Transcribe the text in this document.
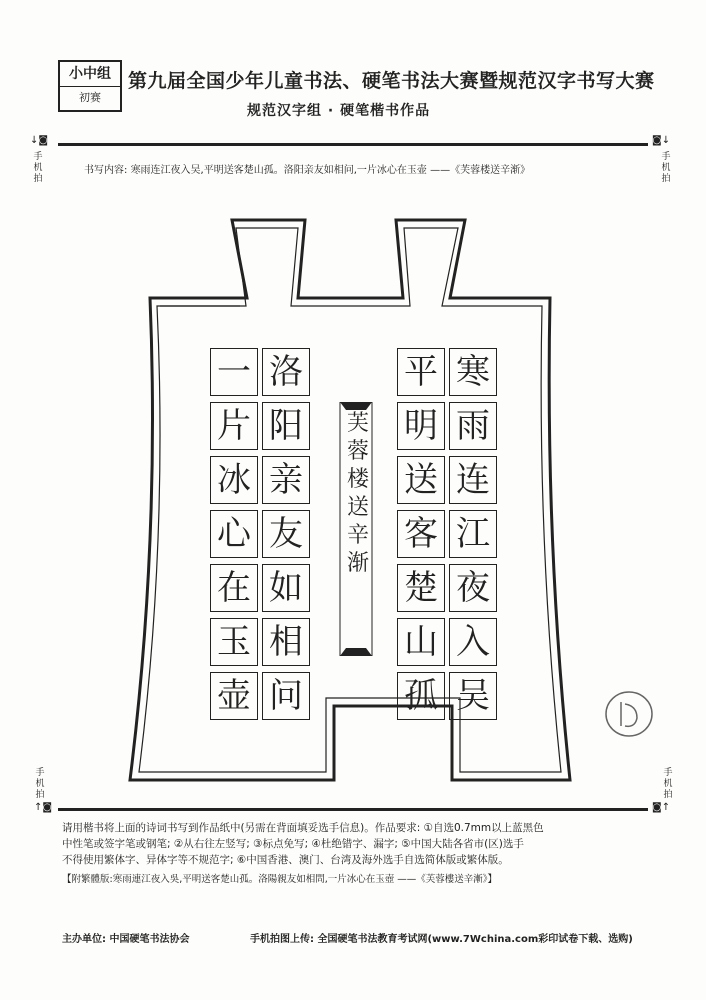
小中组
初赛
第九届全国少年儿童书法、硬笔书法大赛暨规范汉字书写大赛
规范汉字组 · 硬笔楷书作品
↓◙	◙↓
手机拍
手机拍
书写内容: 寒雨连江夜入吴,平明送客楚山孤。洛阳亲友如相问,一片冰心在玉壶 ——《芙蓉楼送辛渐》
一
片
冰
心
在
玉
壶
洛
阳
亲
友
如
相
问
平
明
送
客
楚
山
孤
寒
雨
连
江
夜
入
吴
芙
蓉
楼
送
辛
渐
手机拍
手机拍
↑◙	◙↑

请用楷书将上面的诗词书写到作品纸中(另需在背面填妥选手信息)。作品要求: ①自选0.7mm以上蓝黑色

中性笔或签字笔或钢笔; ②从右往左竖写; ③标点免写; ④杜绝错字、漏字; ⑤中国大陆各省市(区)选手

不得使用繁体字、异体字等不规范字; ⑥中国香港、澳门、台湾及海外选手自选简体版或繁体版。

【附繁體版:寒雨連江夜入吳,平明送客楚山孤。洛陽親友如相問,一片冰心在玉壺 ——《芙蓉樓送辛漸》】
主办单位: 中国硬笔书法协会	手机拍图上传: 全国硬笔书法教育考试网(www.7Wchina.com彩印试卷下载、选购)
